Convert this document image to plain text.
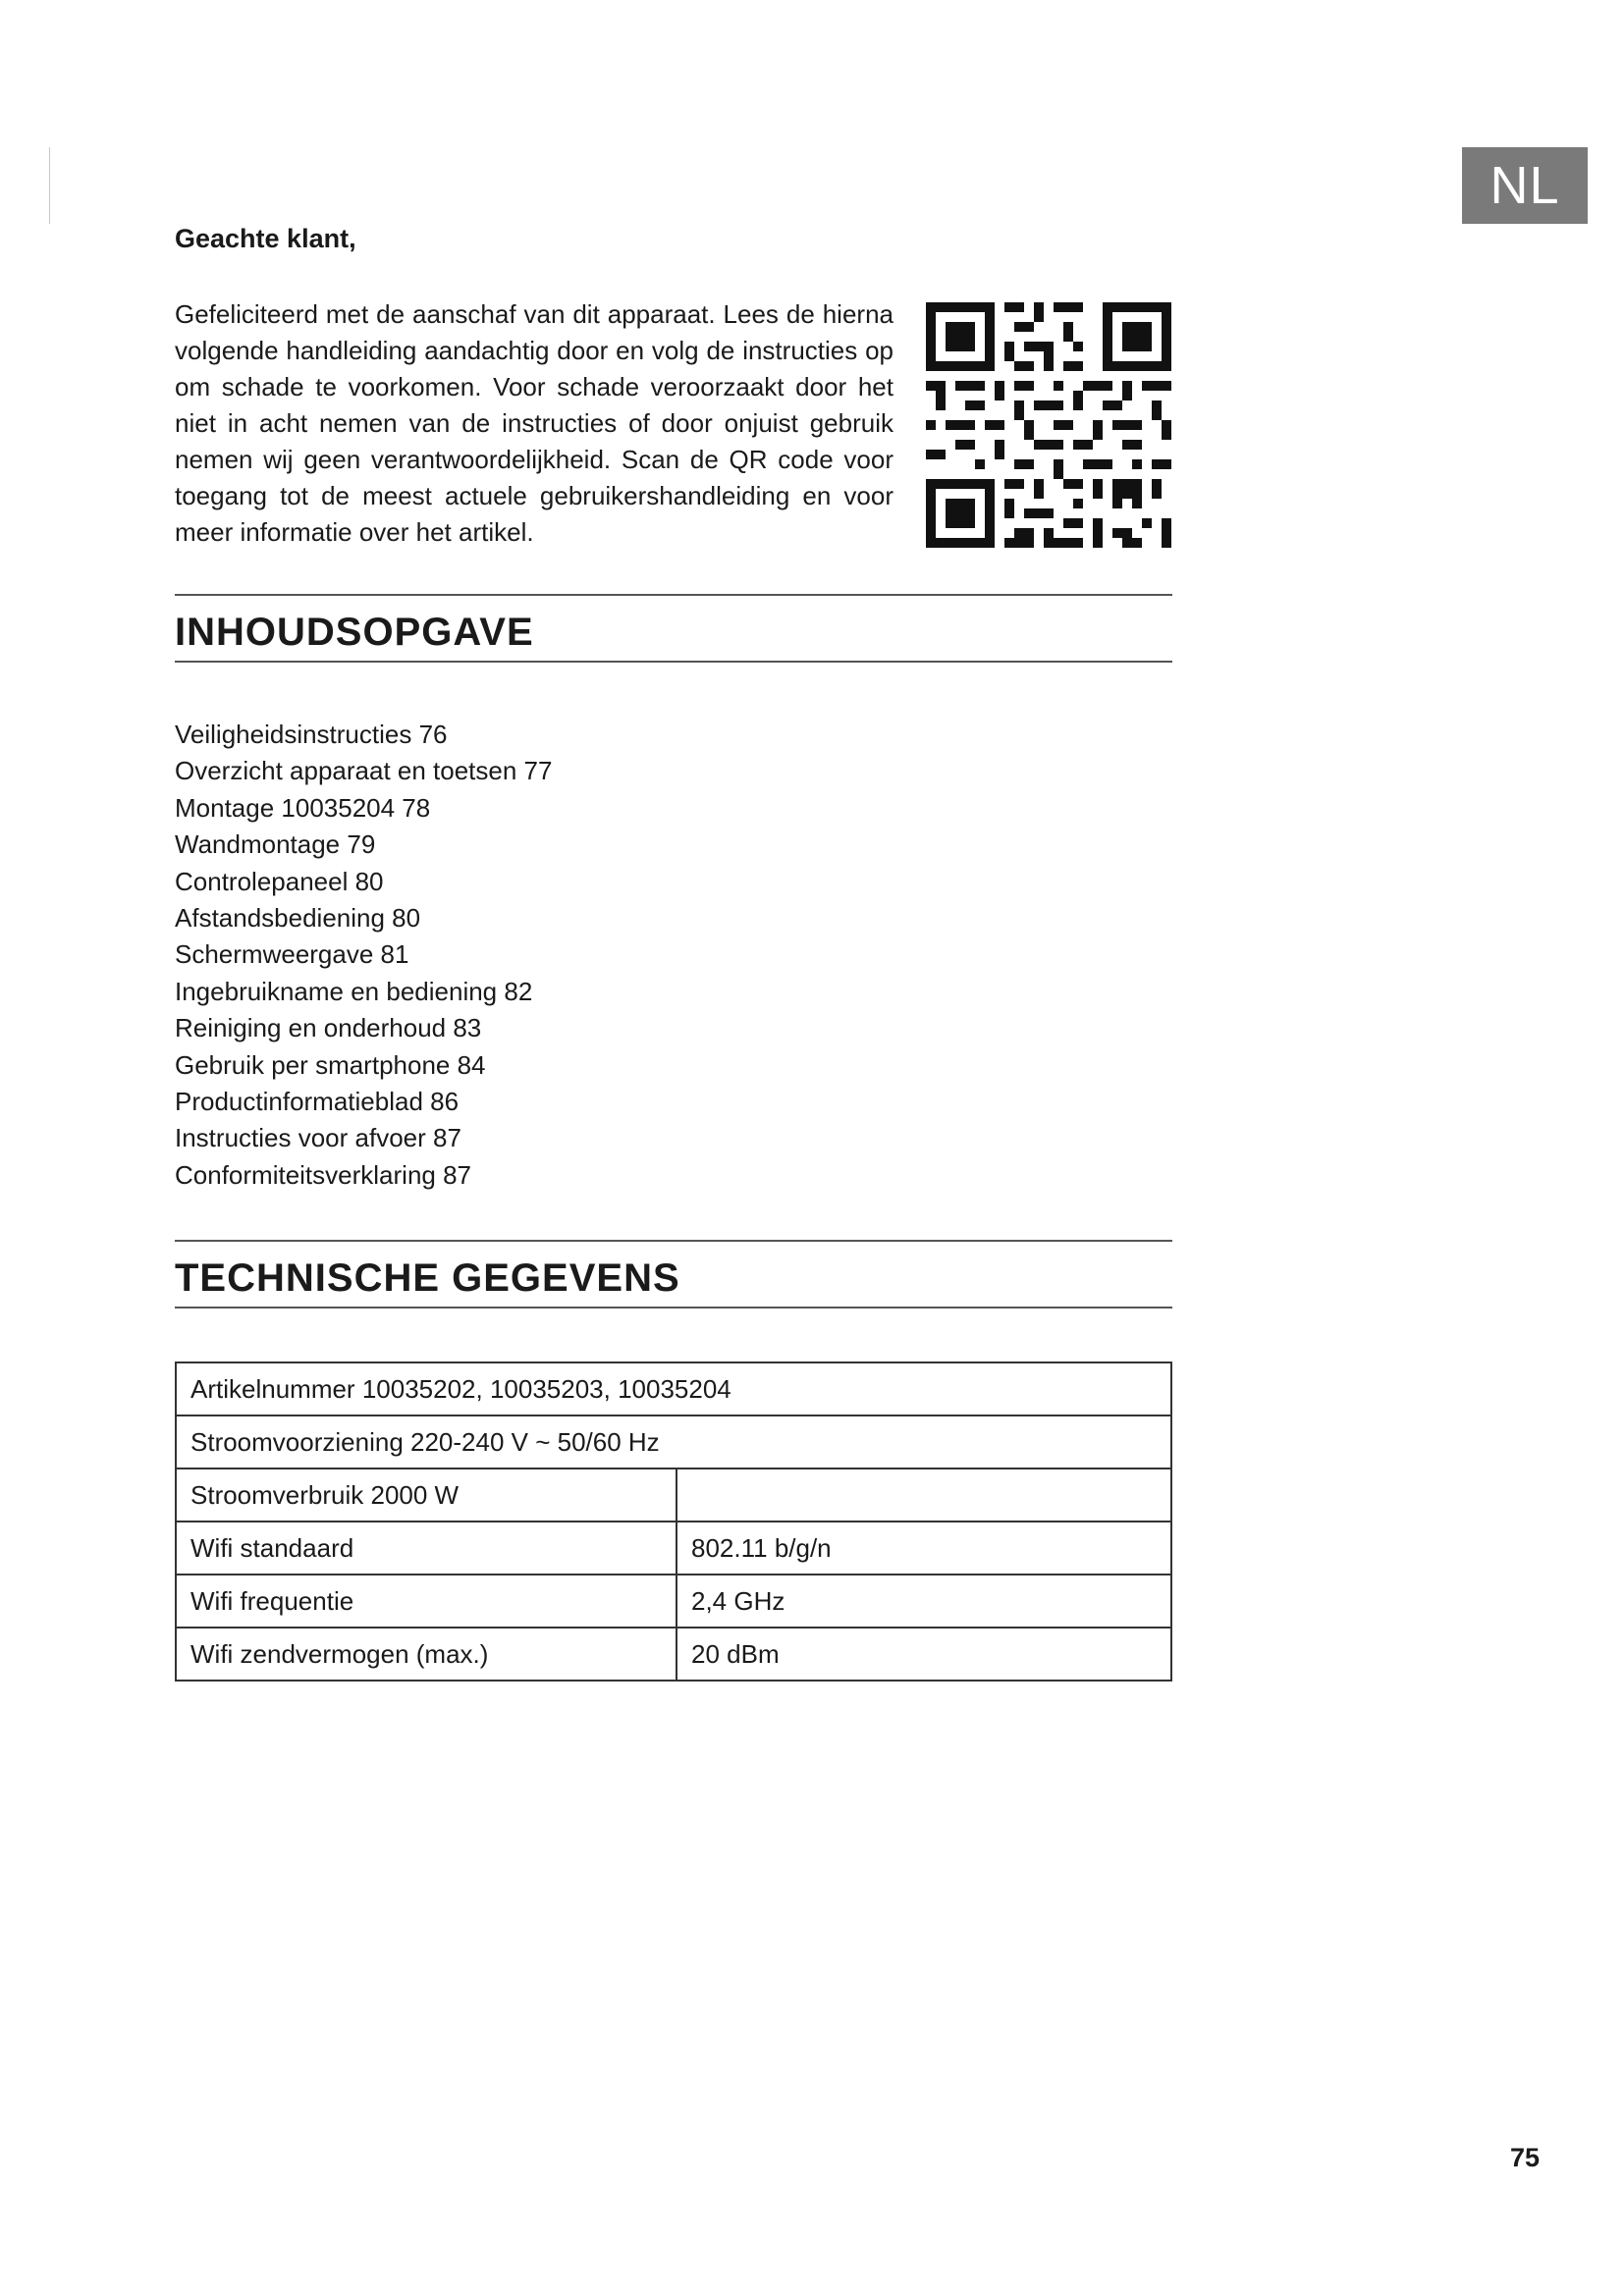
NL
Geachte klant,

Gefeliciteerd met de aanschaf van dit apparaat. Lees de hierna volgende handleiding aandachtig door en volg de instructies op om schade te voorkomen. Voor schade veroorzaakt door het niet in acht nemen van de instructies of door onjuist gebruik nemen wij geen verantwoordelijkheid. Scan de QR code voor toegang tot de meest actuele gebruikershandleiding en voor meer informatie over het artikel.

INHOUDSOPGAVE
Veiligheidsinstructies 76
Overzicht apparaat en toetsen 77
Montage 10035204 78
Wandmontage 79
Controlepaneel 80
Afstandsbediening 80
Schermweergave 81
Ingebruikname en bediening 82
Reiniging en onderhoud 83
Gebruik per smartphone 84
Productinformatieblad 86
Instructies voor afvoer 87
Conformiteitsverklaring 87
TECHNISCHE GEGEVENS
Artikelnummer 10035202, 10035203, 10035204	
Stroomvoorziening 220-240 V ~ 50/60 Hz	
Stroomverbruik 2000 W	
Wifi standaard	802.11 b/g/n
Wifi frequentie	2,4 GHz
Wifi zendvermogen (max.)	20 dBm
75
